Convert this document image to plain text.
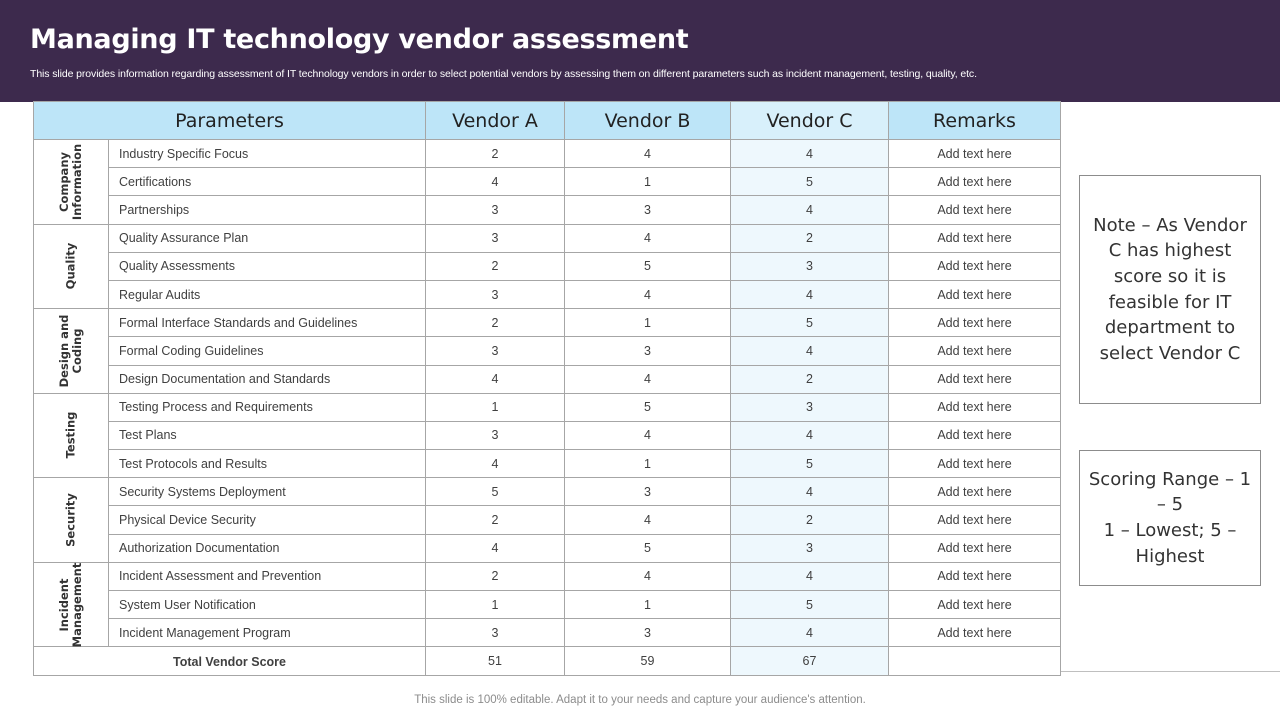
Managing IT technology vendor assessment
This slide provides information regarding assessment of IT technology vendors in order to select potential vendors by assessing them on different parameters such as incident management, testing, quality, etc.
Parameters		Vendor A	Vendor B	Vendor C	Remarks

Company Information	Industry Specific Focus	2	4	4	Add text here
	Certifications	4	1	5	Add text here
	Partnerships	3	3	4	Add text here

Quality	Quality Assurance Plan	3	4	2	Add text here
	Quality Assessments	2	5	3	Add text here
	Regular Audits	3	4	4	Add text here

Design and Coding	Formal Interface Standards and Guidelines	2	1	5	Add text here
	Formal Coding Guidelines	3	3	4	Add text here
	Design Documentation and Standards	4	4	2	Add text here

Testing	Testing Process and Requirements	1	5	3	Add text here
	Test Plans	3	4	4	Add text here
	Test Protocols and Results	4	1	5	Add text here

Security	Security Systems Deployment	5	3	4	Add text here
	Physical Device Security	2	4	2	Add text here
	Authorization Documentation	4	5	3	Add text here

Incident Management	Incident Assessment and Prevention	2	4	4	Add text here
	System User Notification	1	1	5	Add text here
	Incident Management Program	3	3	4	Add text here
Total Vendor Score		51	59	67	
Note – As Vendor C has highest score so it is feasible for IT department to select Vendor C
Scoring Range – 1 – 5
1 – Lowest; 5 – Highest
This slide is 100% editable. Adapt it to your needs and capture your audience's attention.
